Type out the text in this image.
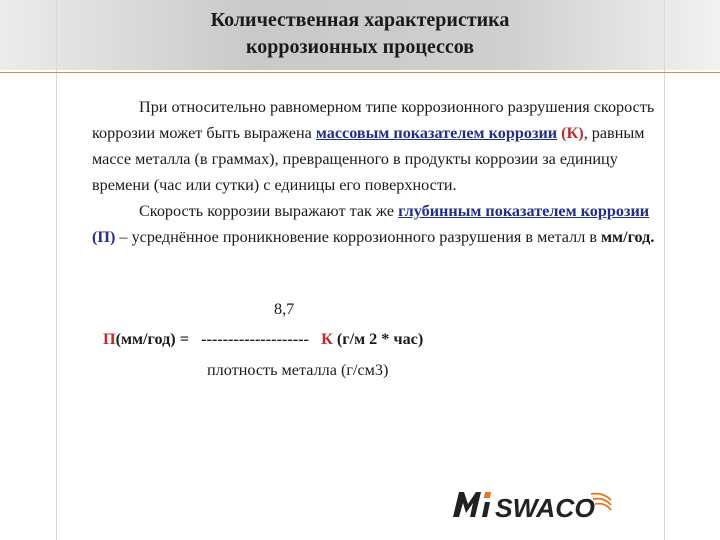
Количественная характеристика
коррозионных процессов

При относительно равномерном типе коррозионного разрушения скорость коррозии может быть выражена массовым показателем коррозии (К), равным массе металла (в граммах), превращенного в продукты коррозии за единицу времени (час или сутки) с единицы его поверхности.

Скорость коррозии выражают так же глубинным показателем коррозии (П) – усреднённое проникновение коррозионного разрушения в металл в мм/год.

8,7
П(мм/год) = -------------------- К (г/м 2 * час)
плотность металла (г/см3)
SWACO
